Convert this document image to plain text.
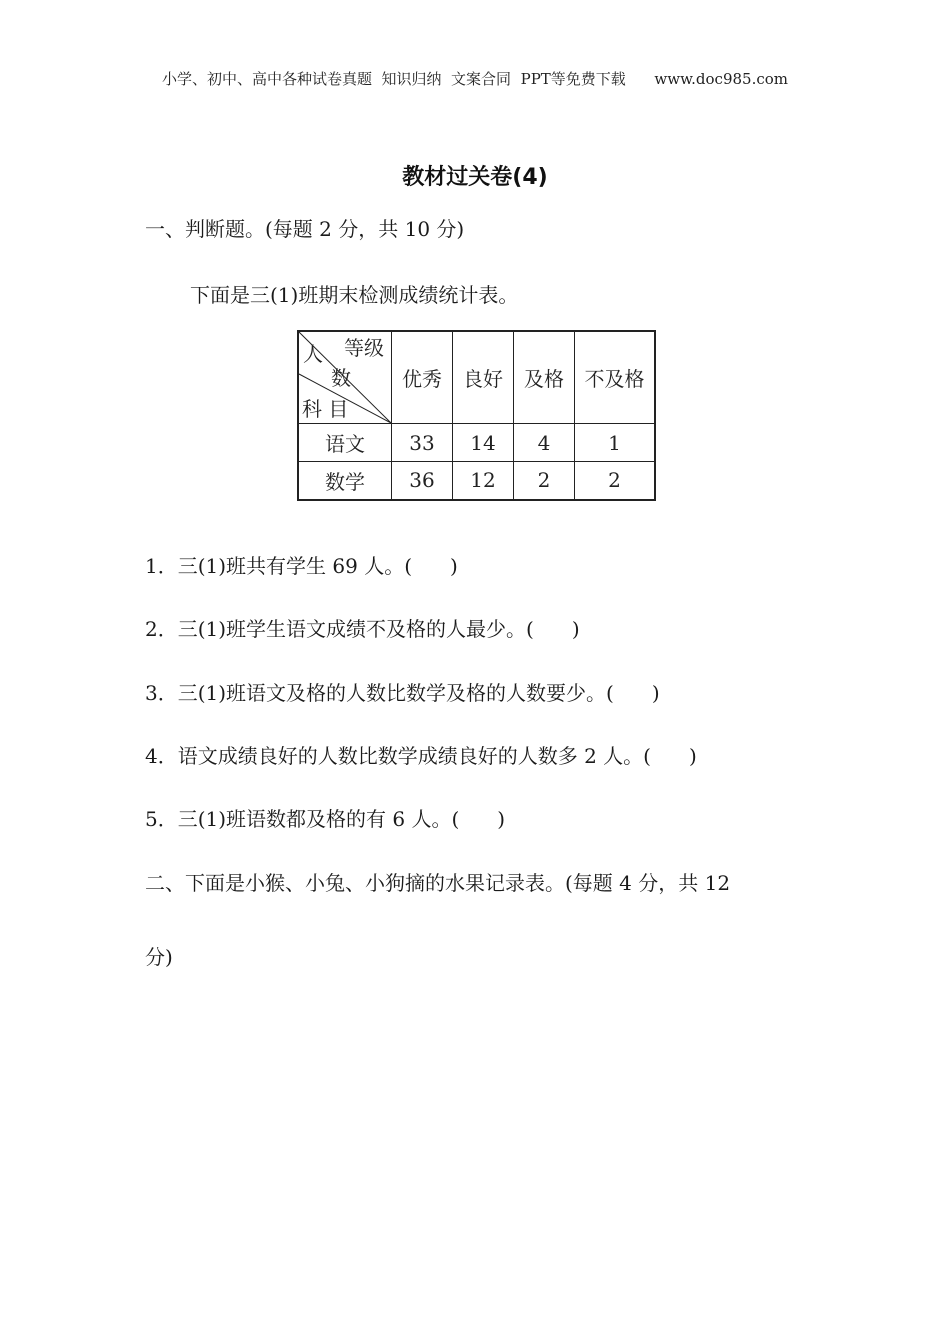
小学、初中、高中各种试卷真题  知识归纳  文案合同  PPT等免费下载 www.doc985.com
教材过关卷(4)
一、判断题。(每题 2 分，共 10 分)
下面是三(1)班期末检测成绩统计表。
等级
人
数
科 目	优秀	良好	及格	不及格
语文	33	14	4	1
数学	36	12	2	2
1．三(1)班共有学生 69 人。( )
2．三(1)班学生语文成绩不及格的人最少。( )
3．三(1)班语文及格的人数比数学及格的人数要少。( )
4．语文成绩良好的人数比数学成绩良好的人数多 2 人。( )
5．三(1)班语数都及格的有 6 人。( )
二、下面是小猴、小兔、小狗摘的水果记录表。(每题 4 分，共 12
分)
